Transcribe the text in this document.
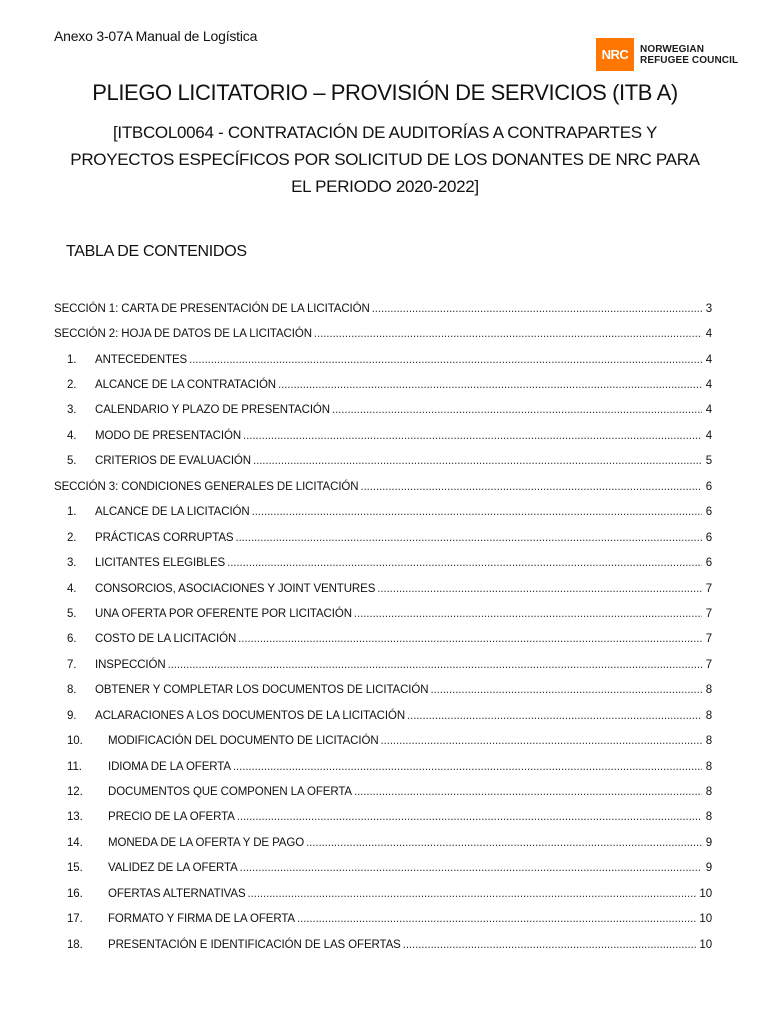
Anexo 3-07A Manual de Logística
NRC	NORWEGIAN
REFUGEE COUNCIL
PLIEGO LICITATORIO – PROVISIÓN DE SERVICIOS (ITB A)
[ITBCOL0064 - CONTRATACIÓN DE AUDITORÍAS A CONTRAPARTES Y PROYECTOS ESPECÍFICOS POR SOLICITUD DE LOS DONANTES DE NRC PARA EL PERIODO 2020-2022]
TABLA DE CONTENIDOS
SECCIÓN 1: CARTA DE PRESENTACIÓN DE LA LICITACIÓN .....	3
SECCIÓN 2: HOJA DE DATOS DE LA LICITACIÓN .....	4
1.	ANTECEDENTES .....	4
2.	ALCANCE DE LA CONTRATACIÓN .....	4
3.	CALENDARIO Y PLAZO DE PRESENTACIÓN .....	4
4.	MODO DE PRESENTACIÓN .....	4
5.	CRITERIOS DE EVALUACIÓN .....	5
SECCIÓN 3: CONDICIONES GENERALES DE LICITACIÓN .....	6
1.	ALCANCE DE LA LICITACIÓN .....	6
2.	PRÁCTICAS CORRUPTAS .....	6
3.	LICITANTES ELEGIBLES .....	6
4.	CONSORCIOS, ASOCIACIONES Y JOINT VENTURES .....	7
5.	UNA OFERTA POR OFERENTE POR LICITACIÓN .....	7
6.	COSTO DE LA LICITACIÓN .....	7
7.	INSPECCIÓN .....	7
8.	OBTENER Y COMPLETAR LOS DOCUMENTOS DE LICITACIÓN .....	8
9.	ACLARACIONES A LOS DOCUMENTOS DE LA LICITACIÓN .....	8
10.	MODIFICACIÓN DEL DOCUMENTO DE LICITACIÓN .....	8
11.	IDIOMA DE LA OFERTA .....	8
12.	DOCUMENTOS QUE COMPONEN LA OFERTA .....	8
13.	PRECIO DE LA OFERTA .....	8
14.	MONEDA DE LA OFERTA Y DE PAGO .....	9
15.	VALIDEZ DE LA OFERTA .....	9
16.	OFERTAS ALTERNATIVAS .....	10
17.	FORMATO Y FIRMA DE LA OFERTA .....	10
18.	PRESENTACIÓN E IDENTIFICACIÓN DE LAS OFERTAS .....	10
